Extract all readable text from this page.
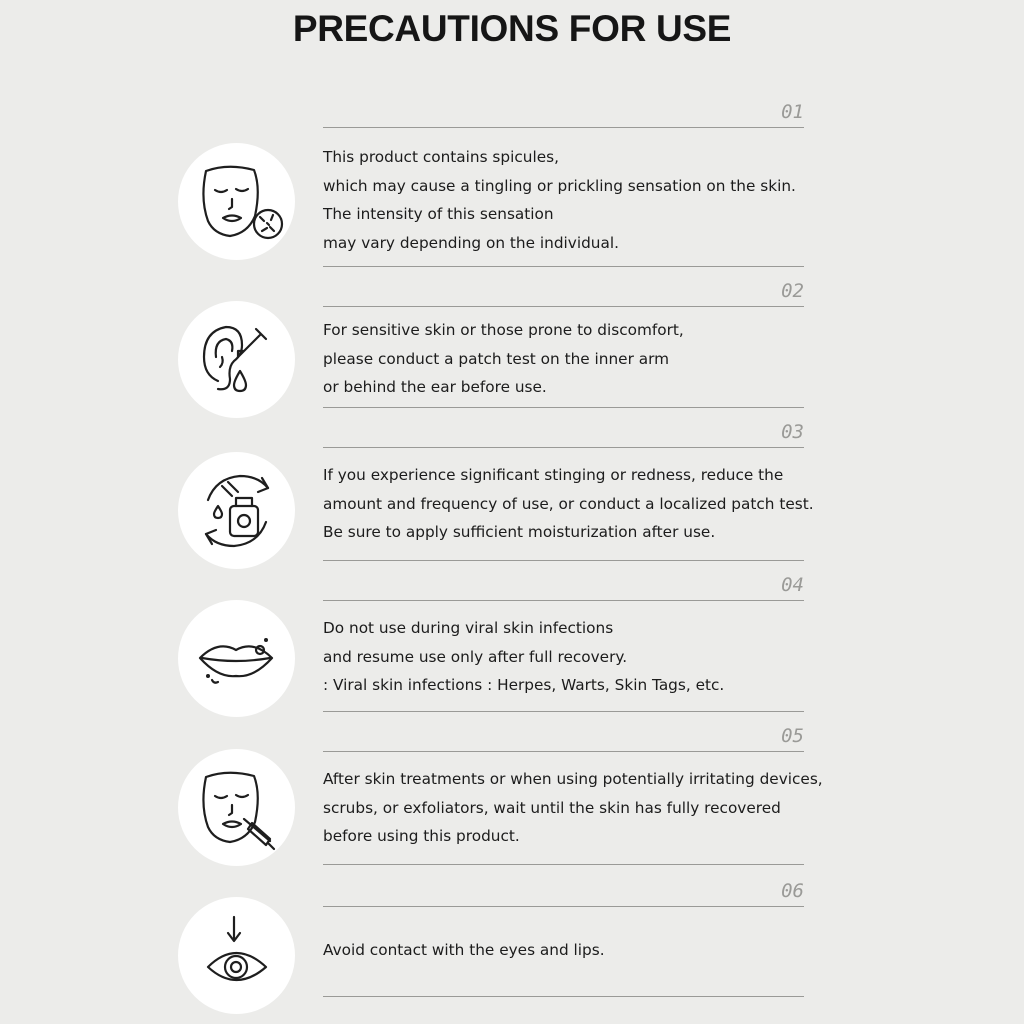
PRECAUTIONS FOR USE
01
This product contains spicules,
which may cause a tingling or prickling sensation on the skin.
The intensity of this sensation
may vary depending on the individual.
02
For sensitive skin or those prone to discomfort,
please conduct a patch test on the inner arm
or behind the ear before use.
03
If you experience significant stinging or redness, reduce the
amount and frequency of use, or conduct a localized patch test.
Be sure to apply sufficient moisturization after use.
04
Do not use during viral skin infections
and resume use only after full recovery.
: Viral skin infections : Herpes, Warts, Skin Tags, etc.
05
After skin treatments or when using potentially irritating devices,
scrubs, or exfoliators, wait until the skin has fully recovered
before using this product.
06
Avoid contact with the eyes and lips.
